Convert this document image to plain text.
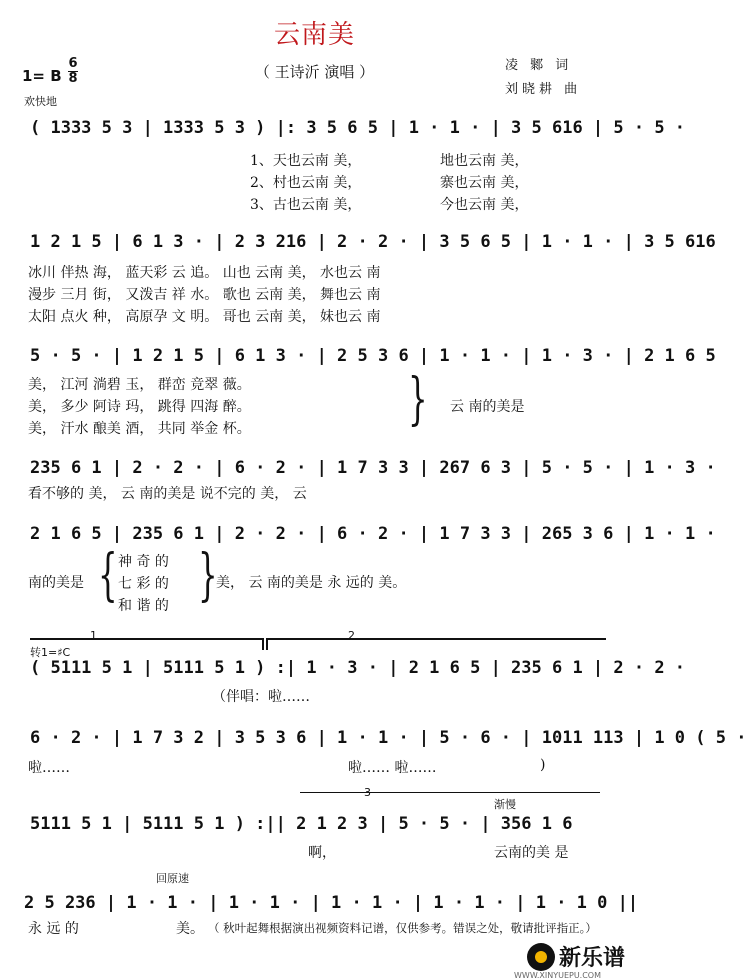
云南美
（ 王诗沂 演唱 ）	凌 鄹 词
刘晓耕 曲
1= B
6
8
欢快地
( 1333 5 3 | 1333 5 3 ) |: 3 5 6 5 | 1 · 1 · | 3 5 616 | 5 · 5 ·
1、天也云南 美，	地也云南 美，
2、村也云南 美，	寨也云南 美，
3、古也云南 美，	今也云南 美，
1 2 1 5 | 6 1 3 · | 2 3 216 | 2 · 2 · | 3 5 6 5 | 1 · 1 · | 3 5 616
冰川 伴热 海， 蓝天彩 云 追。 山也 云南 美， 水也云 南
漫步 三月 街， 又泼吉 祥 水。 歌也 云南 美， 舞也云 南
太阳 点火 种， 高原孕 文 明。 哥也 云南 美， 妹也云 南
5 · 5 · | 1 2 1 5 | 6 1 3 · | 2 5 3 6 | 1 · 1 · | 1 · 3 · | 2 1 6 5
美， 江河 淌碧 玉， 群峦 竞翠 薇。
美， 多少 阿诗 玛， 跳得 四海 醉。
美， 汗水 酿美 酒， 共同 举金 杯。	} 云 南的美是
235 6 1 | 2 · 2 · | 6 · 2 · | 1 7 3 3 | 267 6 3 | 5 · 5 · | 1 · 3 ·
看不够的 美， 云 南的美是 说不完的 美， 云
2 1 6 5 | 235 6 1 | 2 · 2 · | 6 · 2 · | 1 7 3 3 | 265 3 6 | 1 · 1 ·
南的美是 { 神 奇 的
七 彩 的
和 谐 的 }
美， 云 南的美是 永 远的 美。
转1=♯C
1	2
( 5111 5 1 | 5111 5 1 ) :| 1 · 3 · | 2 1 6 5 | 235 6 1 | 2 · 2 ·
（伴唱：啦……
6 · 2 · | 1 7 3 2 | 3 5 3 6 | 1 · 1 · | 5 · 6 · | 1011 113 | 1 0 ( 5 ·
啦……	啦…… 啦……	)
渐慢
5111 5 1 | 5111 5 1 ) :|| 2 1 2 3 | 5 · 5 · | 356 1 6
啊，	云南的美 是
回原速
2 5 236 | 1 · 1 · | 1 · 1 · | 1 · 1 · | 1 · 1 · | 1 · 1 0 ||
永 远 的	美。 （ 秋叶起舞根据演出视频资料记谱，仅供参考。错误之处，敬请批评指正。）
新乐谱
WWW.XINYUEPU.COM
